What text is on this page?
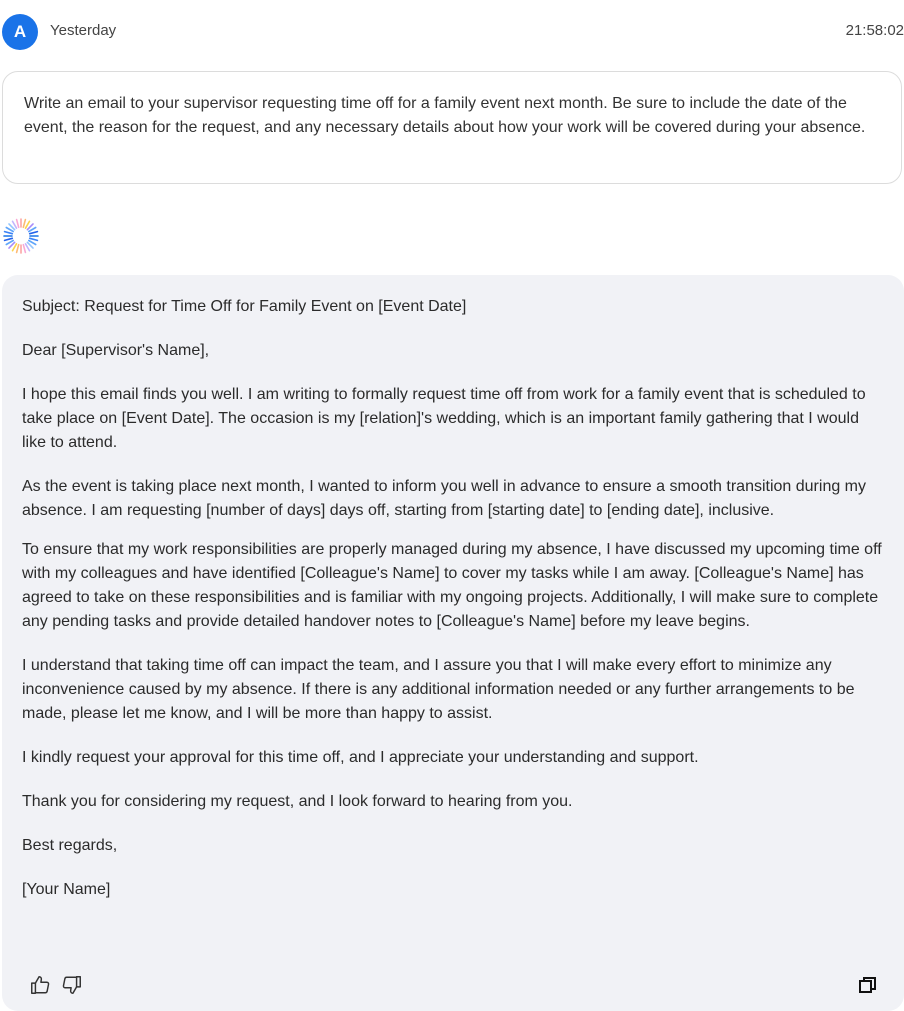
A Yesterday	21:58:02
Write an email to your supervisor requesting time off for a family event next month. Be sure to include the date of the event, the reason for the request, and any necessary details about how your work will be covered during your absence.

Subject: Request for Time Off for Family Event on [Event Date]

Dear [Supervisor's Name],

I hope this email finds you well. I am writing to formally request time off from work for a family event that is scheduled to take place on [Event Date]. The occasion is my [relation]'s wedding, which is an important family gathering that I would like to attend.

As the event is taking place next month, I wanted to inform you well in advance to ensure a smooth transition during my absence. I am requesting [number of days] days off, starting from [starting date] to [ending date], inclusive.

To ensure that my work responsibilities are properly managed during my absence, I have discussed my upcoming time off with my colleagues and have identified [Colleague's Name] to cover my tasks while I am away. [Colleague's Name] has agreed to take on these responsibilities and is familiar with my ongoing projects. Additionally, I will make sure to complete any pending tasks and provide detailed handover notes to [Colleague's Name] before my leave begins.

I understand that taking time off can impact the team, and I assure you that I will make every effort to minimize any inconvenience caused by my absence. If there is any additional information needed or any further arrangements to be made, please let me know, and I will be more than happy to assist.

I kindly request your approval for this time off, and I appreciate your understanding and support.

Thank you for considering my request, and I look forward to hearing from you.

Best regards,

[Your Name]
